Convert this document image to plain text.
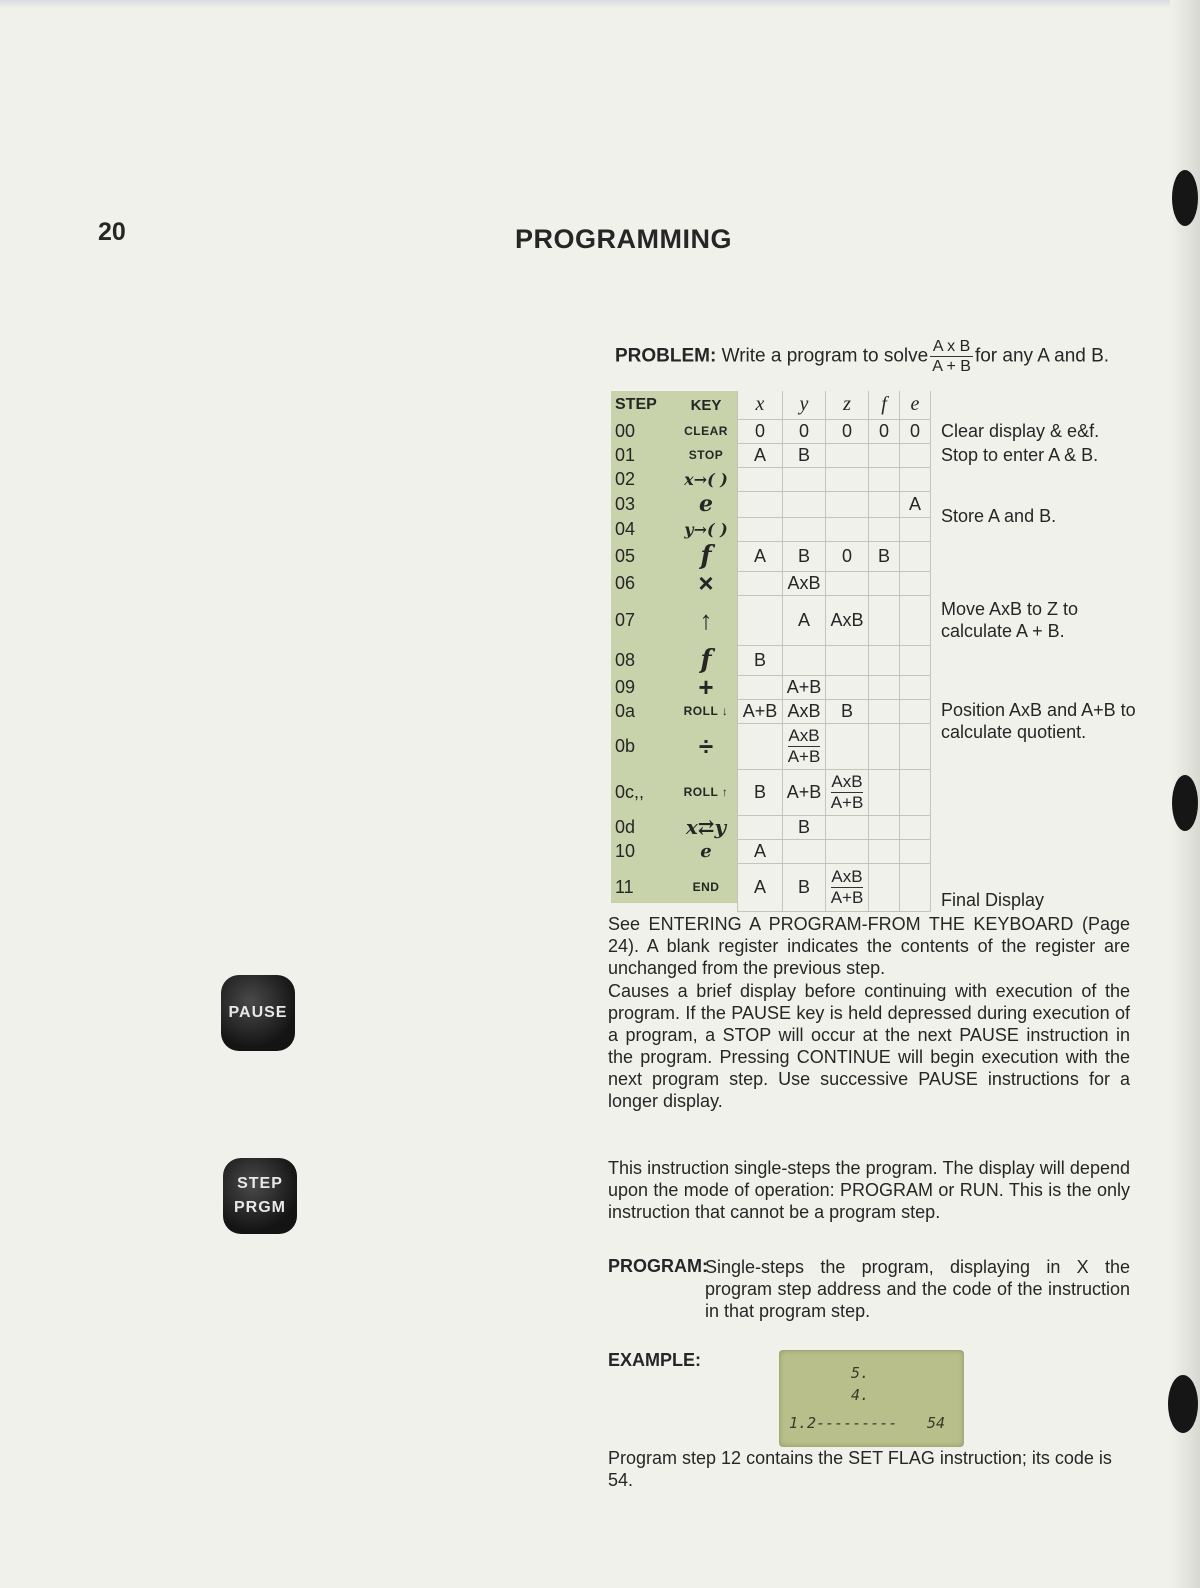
20	PROGRAMMING
PROBLEM: Write a program to solve $\frac{\text{A x B}}{A + B}$ for any A and B.
STEP	KEY	x	y	z	f	e	
00	CLEAR	0	0	0	0	0	Clear display & e&f.
01	STOP	A	B				Stop to enter A & B.
02	x→( )						
03	e					A	Store A and B.
04	y→( )						
05	f	A	B	0	B		
06	×		AxB				
07	↑		A	AxB			Move AxB to Z to calculate A + B.
08	f	B					
09	+		A+B				
0a	ROLL ↓	A+B	AxB	B			Position AxB and A+B to calculate quotient.
0b	÷		$\frac{\text{AxB}}{A+B}$

0c,,	ROLL ↑	B	A+B	$\frac{\text{AxB}}{A+B}$

0d	x⇄y		B				
10	e	A					
11	END	A	B	$\frac{\text{AxB}}{A+B}$			Final Display
See ENTERING A PROGRAM-FROM THE KEYBOARD (Page 24). A blank register indicates the contents of the register are unchanged from the previous step.
PAUSE
Causes a brief display before continuing with execution of the program. If the PAUSE key is held depressed during execution of a program, a STOP will occur at the next PAUSE instruction in the program. Pressing CONTINUE will begin execution with the next program step. Use successive PAUSE instructions for a longer display.
STEP
PRGM
This instruction single-steps the program. The display will depend upon the mode of operation: PROGRAM or RUN. This is the only instruction that cannot be a program step.
PROGRAM:
Single-steps the program, displaying in X the program step address and the code of the instruction in that program step.
EXAMPLE:
5.
4.
1.2--------- 54
Program step 12 contains the SET FLAG instruction; its code is 54.
